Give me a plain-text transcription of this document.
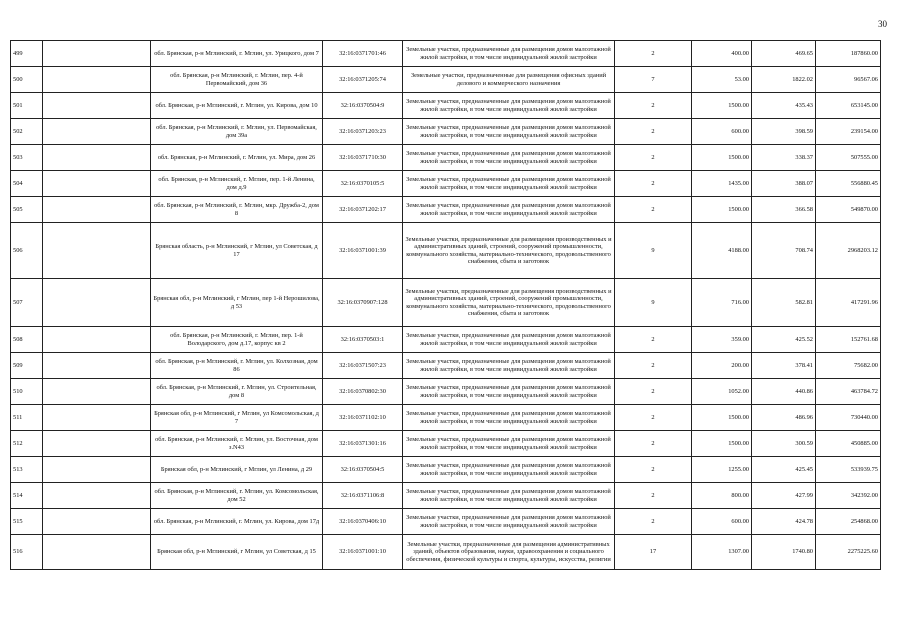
30
499		обл. Брянская, р-н Мглинский, г. Мглин, ул. Урицкого, дом 7	32:16:0371701:46	Земельные участки, предназначенные для размещения домов малоэтажной жилой застройки, в том числе индивидуальной жилой застройки	2	400.00	469.65	187860.00
500		обл. Брянская, р-н Мглинский, г. Мглин, пер. 4-й Первомайский, дом 36	32:16:0371205:74	Земельные участки, предназначенные для размещения офисных зданий делового и коммерческого назначения	7	53.00	1822.02	96567.06
501		обл. Брянская, р-н Мглинский, г. Мглин, ул. Кирова, дом 10	32:16:0370504:9	Земельные участки, предназначенные для размещения домов малоэтажной жилой застройки, в том числе индивидуальной жилой застройки	2	1500.00	435.43	653145.00
502		обл. Брянская, р-н Мглинский, г. Мглин, ул. Первомайская, дом 39а	32:16:0371203:23	Земельные участки, предназначенные для размещения домов малоэтажной жилой застройки, в том числе индивидуальной жилой застройки	2	600.00	398.59	239154.00
503		обл. Брянская, р-н Мглинский, г. Мглин, ул. Мира, дом 26	32:16:0371710:30	Земельные участки, предназначенные для размещения домов малоэтажной жилой застройки, в том числе индивидуальной жилой застройки	2	1500.00	338.37	507555.00
504		обл. Брянская, р-н Мглинский, г. Мглин, пер. 1-й Ленина, дом д.9	32:16:0370105:5	Земельные участки, предназначенные для размещения домов малоэтажной жилой застройки, в том числе индивидуальной жилой застройки	2	1435.00	388.07	556880.45
505		обл. Брянская, р-н Мглинский, г. Мглин, мкр. Дружба-2, дом 8	32:16:0371202:17	Земельные участки, предназначенные для размещения домов малоэтажной жилой застройки, в том числе индивидуальной жилой застройки	2	1500.00	366.58	549870.00
506		Брянская область, р-н Мглинский, г Мглин, ул Советская, д 17	32:16:0371001:39	Земельные участки, предназначенные для размещения производственных и административных зданий, строений, сооружений промышленности, коммунального хозяйства, материально-технического, продовольственного снабжения, сбыта и заготовок	9	4188.00	708.74	2968203.12
507		Брянская обл, р-н Мглинский, г Мглин, пер 1-й Нерошилова, д 53	32:16:0370907:128	Земельные участки, предназначенные для размещения производственных и административных зданий, строений, сооружений промышленности, коммунального хозяйства, материально-технического, продовольственного снабжения, сбыта и заготовок	9	716.00	582.81	417291.96
508		обл. Брянская, р-н Мглинский, г. Мглин, пер. 1-й Володарского, дом д.17, корпус кв 2	32:16:0370503:1	Земельные участки, предназначенные для размещения домов малоэтажной жилой застройки, в том числе индивидуальной жилой застройки	2	359.00	425.52	152761.68
509		обл. Брянская, р-н Мглинский, г. Мглин, ул. Колхозная, дом 86	32:16:0371507:23	Земельные участки, предназначенные для размещения домов малоэтажной жилой застройки, в том числе индивидуальной жилой застройки	2	200.00	378.41	75682.00
510		обл. Брянская, р-н Мглинский, г. Мглин, ул. Строительная, дом 8	32:16:0370802:30	Земельные участки, предназначенные для размещения домов малоэтажной жилой застройки, в том числе индивидуальной жилой застройки	2	1052.00	440.86	463784.72
511		Брянская обл, р-н Мглинский, г Мглин, ул Комсомольская, д 7	32:16:0371102:10	Земельные участки, предназначенные для размещения домов малоэтажной жилой застройки, в том числе индивидуальной жилой застройки	2	1500.00	486.96	730440.00
512		обл. Брянская, р-н Мглинский, г. Мглин, ул. Восточная, дом з.N43	32:16:0371301:16	Земельные участки, предназначенные для размещения домов малоэтажной жилой застройки, в том числе индивидуальной жилой застройки	2	1500.00	300.59	450885.00
513		Брянская обл, р-н Мглинский, г Мглин, ул Ленина, д 29	32:16:0370504:5	Земельные участки, предназначенные для размещения домов малоэтажной жилой застройки, в том числе индивидуальной жилой застройки	2	1255.00	425.45	533939.75
514		обл. Брянская, р-н Мглинский, г. Мглин, ул. Комсомольская, дом 52	32:16:0371106:8	Земельные участки, предназначенные для размещения домов малоэтажной жилой застройки, в том числе индивидуальной жилой застройки	2	800.00	427.99	342392.00
515		обл. Брянская, р-н Мглинский, г. Мглин, ул. Кирова, дом 17д	32:16:0370406:10	Земельные участки, предназначенные для размещения домов малоэтажной жилой застройки, в том числе индивидуальной жилой застройки	2	600.00	424.78	254868.00
516		Брянская обл, р-н Мглинский, г Мглин, ул Советская, д 15	32:16:0371001:10	Земельные участки, предназначенные для размещения административных зданий, объектов образования, науки, здравоохранения и социального обеспечения, физической культуры и спорта, культуры, искусства, религии	17	1307.00	1740.80	2275225.60
